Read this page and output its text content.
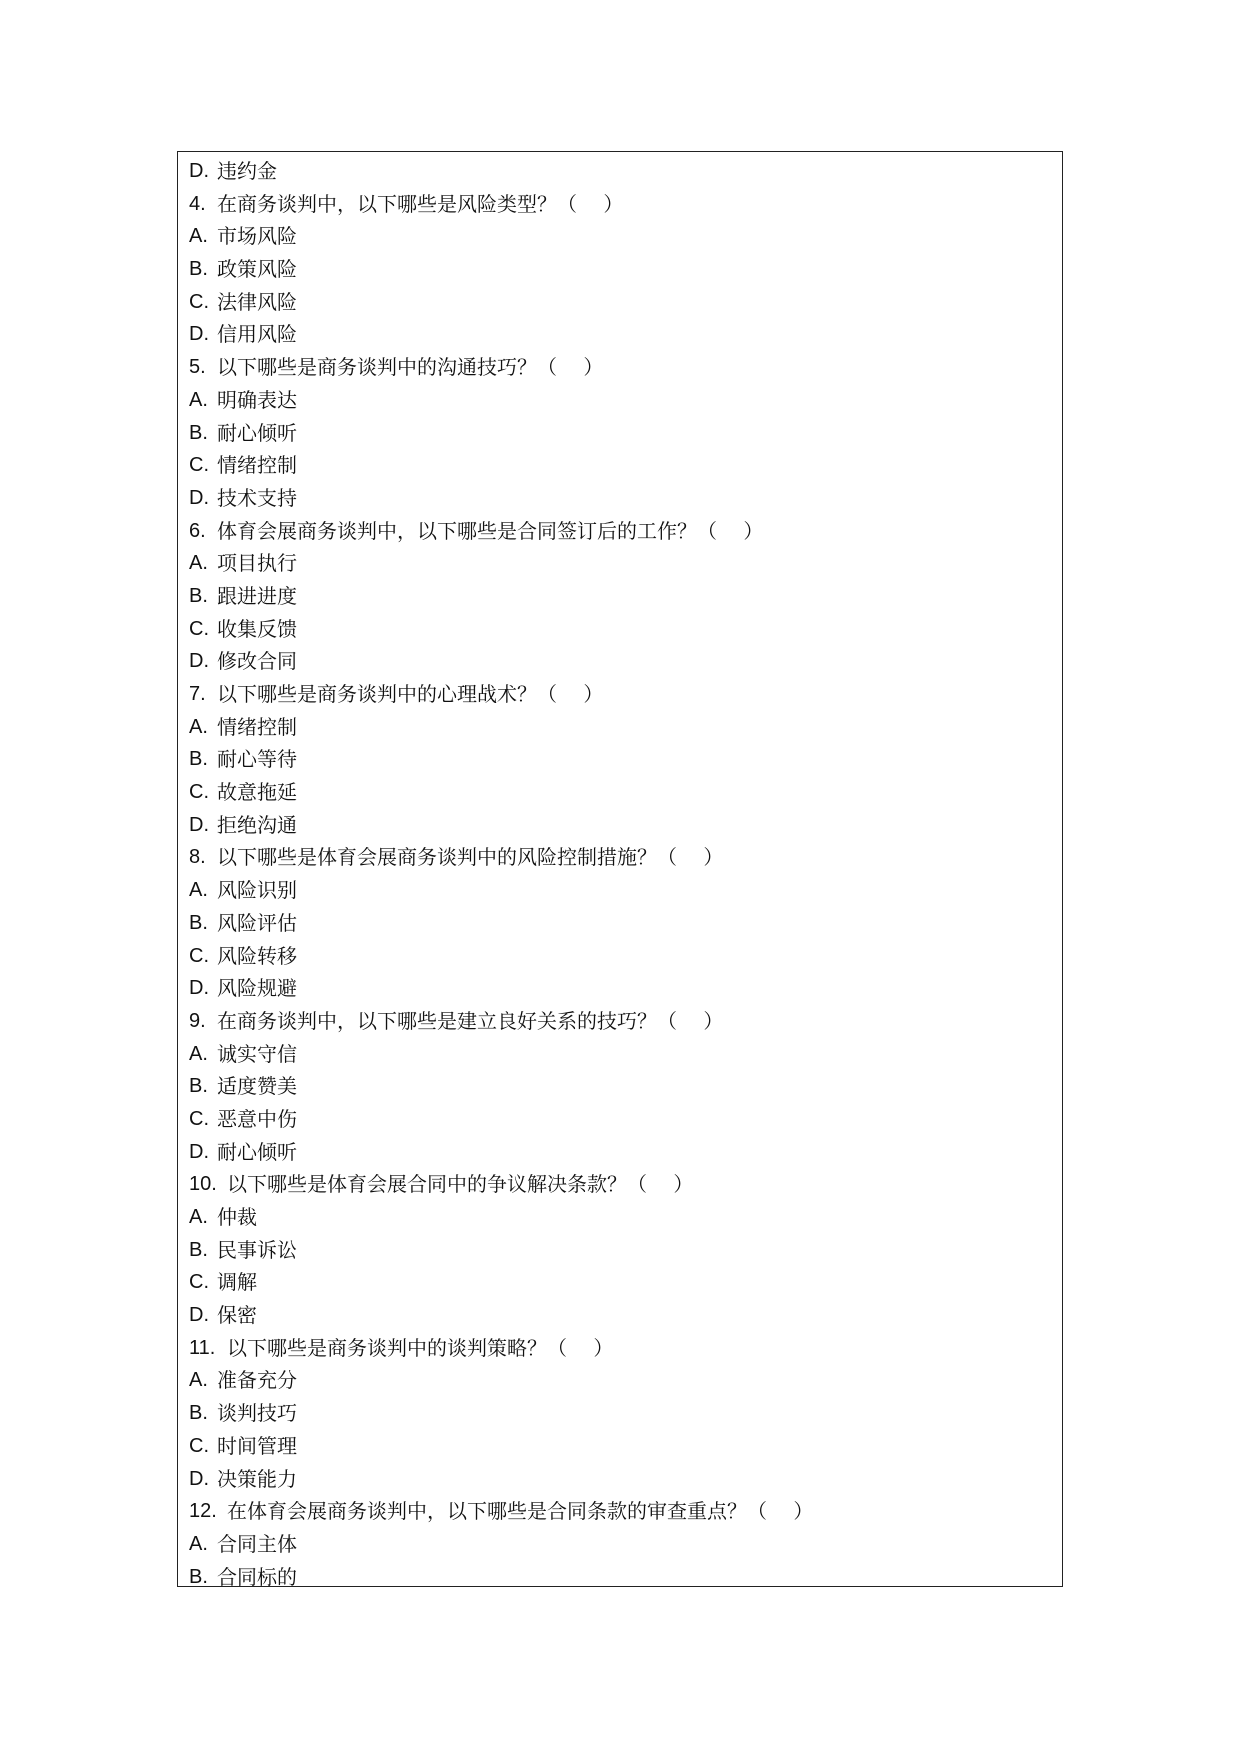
D. 违约金
4. 在商务谈判中，以下哪些是风险类型？（　 ）
A. 市场风险
B. 政策风险
C. 法律风险
D. 信用风险
5. 以下哪些是商务谈判中的沟通技巧？（　 ）
A. 明确表达
B. 耐心倾听
C. 情绪控制
D. 技术支持
6. 体育会展商务谈判中，以下哪些是合同签订后的工作？（　 ）
A. 项目执行
B. 跟进进度
C. 收集反馈
D. 修改合同
7. 以下哪些是商务谈判中的心理战术？（　 ）
A. 情绪控制
B. 耐心等待
C. 故意拖延
D. 拒绝沟通
8. 以下哪些是体育会展商务谈判中的风险控制措施？（　 ）
A. 风险识别
B. 风险评估
C. 风险转移
D. 风险规避
9. 在商务谈判中，以下哪些是建立良好关系的技巧？（　 ）
A. 诚实守信
B. 适度赞美
C. 恶意中伤
D. 耐心倾听
10. 以下哪些是体育会展合同中的争议解决条款？（　 ）
A. 仲裁
B. 民事诉讼
C. 调解
D. 保密
11. 以下哪些是商务谈判中的谈判策略？（　 ）
A. 准备充分
B. 谈判技巧
C. 时间管理
D. 决策能力
12. 在体育会展商务谈判中，以下哪些是合同条款的审查重点？（　 ）
A. 合同主体
B. 合同标的
